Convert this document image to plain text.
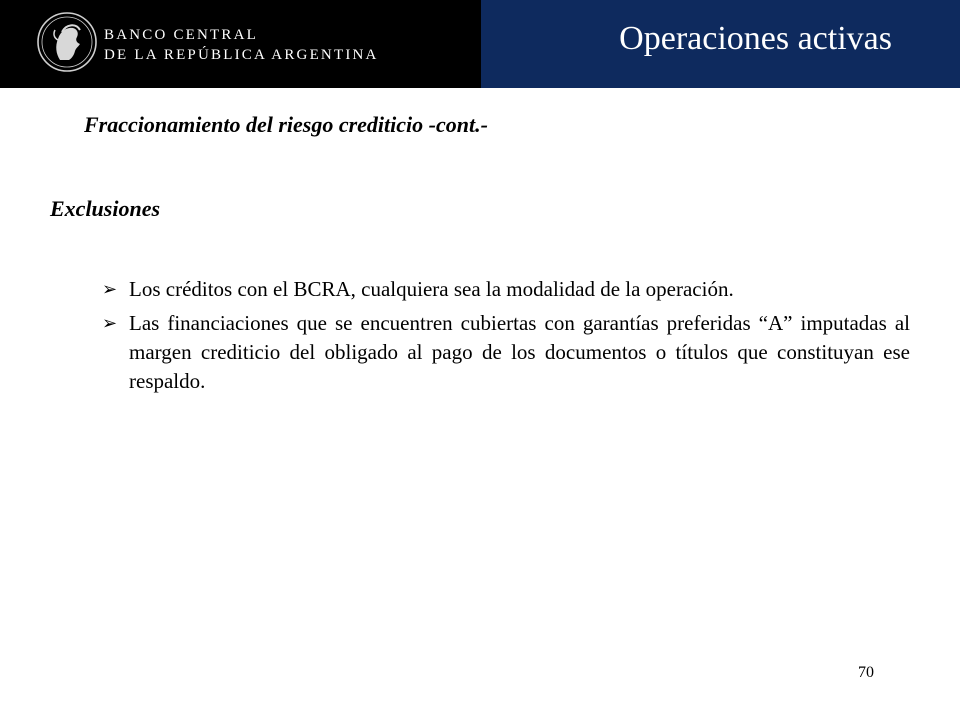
BANCO CENTRAL
DE LA REPÚBLICA ARGENTINA	Operaciones activas
Fraccionamiento del riesgo crediticio -cont.-
Exclusiones
➢ Los créditos con el BCRA, cualquiera sea la modalidad de la operación.
➢ Las financiaciones que se encuentren cubiertas con garantías preferidas “A” imputadas al margen crediticio del obligado al pago de los documentos o títulos que constituyan ese respaldo.
70
